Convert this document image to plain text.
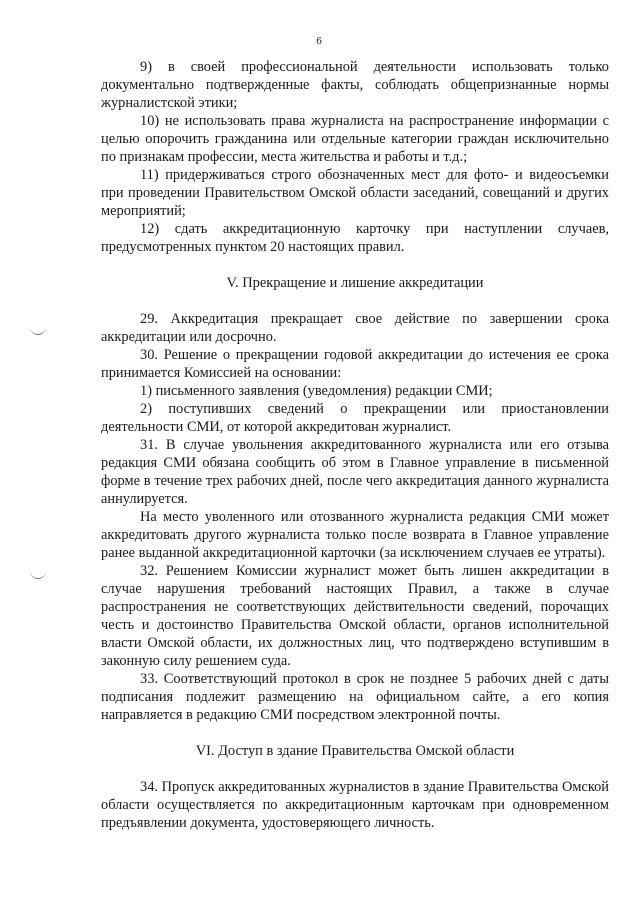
6

9) в своей профессиональной деятельности использовать только документально подтвержденные факты, соблюдать общепризнанные нормы журналистской этики;

10) не использовать права журналиста на распространение информации с целью опорочить гражданина или отдельные категории граждан исключительно по признакам профессии, места жительства и работы и т.д.;

11) придерживаться строго обозначенных мест для фото- и видеосъемки при проведении Правительством Омской области заседаний, совещаний и других мероприятий;

12) сдать аккредитационную карточку при наступлении случаев, предусмотренных пунктом 20 настоящих правил.

V. Прекращение и лишение аккредитации

29. Аккредитация прекращает свое действие по завершении срока аккредитации или досрочно.

30. Решение о прекращении годовой аккредитации до истечения ее срока принимается Комиссией на основании:

1) письменного заявления (уведомления) редакции СМИ;

2) поступивших сведений о прекращении или приостановлении деятельности СМИ, от которой аккредитован журналист.

31. В случае увольнения аккредитованного журналиста или его отзыва редакция СМИ обязана сообщить об этом в Главное управление в письменной форме в течение трех рабочих дней, после чего аккредитация данного журналиста аннулируется.

На место уволенного или отозванного журналиста редакция СМИ может аккредитовать другого журналиста только после возврата в Главное управление ранее выданной аккредитационной карточки (за исключением случаев ее утраты).

32. Решением Комиссии журналист может быть лишен аккредитации в случае нарушения требований настоящих Правил, а также в случае распространения не соответствующих действительности сведений, порочащих честь и достоинство Правительства Омской области, органов исполнительной власти Омской области, их должностных лиц, что подтверждено вступившим в законную силу решением суда.

33. Соответствующий протокол в срок не позднее 5 рабочих дней с даты подписания подлежит размещению на официальном сайте, а его копия направляется в редакцию СМИ посредством электронной почты.

VI. Доступ в здание Правительства Омской области

34. Пропуск аккредитованных журналистов в здание Правительства Омской области осуществляется по аккредитационным карточкам при одновременном предъявлении документа, удостоверяющего личность.
